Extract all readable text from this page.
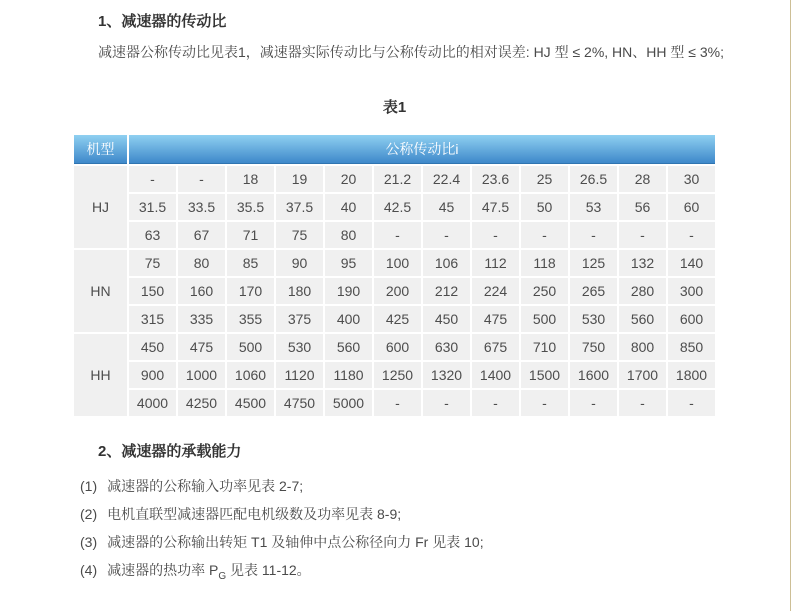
1、减速器的传动比

减速器公称传动比见表1，减速器实际传动比与公称传动比的相对误差: HJ 型 ≤ 2%, HN、HH 型 ≤ 3%;

表1
机型	公称传动比i											
HJ	-	-	18	19	20	21.2	22.4	23.6	25	26.5	28	30
	31.5	33.5	35.5	37.5	40	42.5	45	47.5	50	53	56	60
	63	67	71	75	80	-	-	-	-	-	-	-
HN	75	80	85	90	95	100	106	112	118	125	132	140
	150	160	170	180	190	200	212	224	250	265	280	300
	315	335	355	375	400	425	450	475	500	530	560	600
HH	450	475	500	530	560	600	630	675	710	750	800	850
	900	1000	1060	1120	1180	1250	1320	1400	1500	1600	1700	1800
	4000	4250	4500	4750	5000	-	-	-	-	-	-	-
2、减速器的承载能力
(1) 减速器的公称输入功率见表 2-7;
(2) 电机直联型减速器匹配电机级数及功率见表 8-9;
(3) 减速器的公称输出转矩 T1 及轴伸中点公称径向力 Fr 见表 10;
(4) 减速器的热功率 $P_G$ 见表 11-12。
